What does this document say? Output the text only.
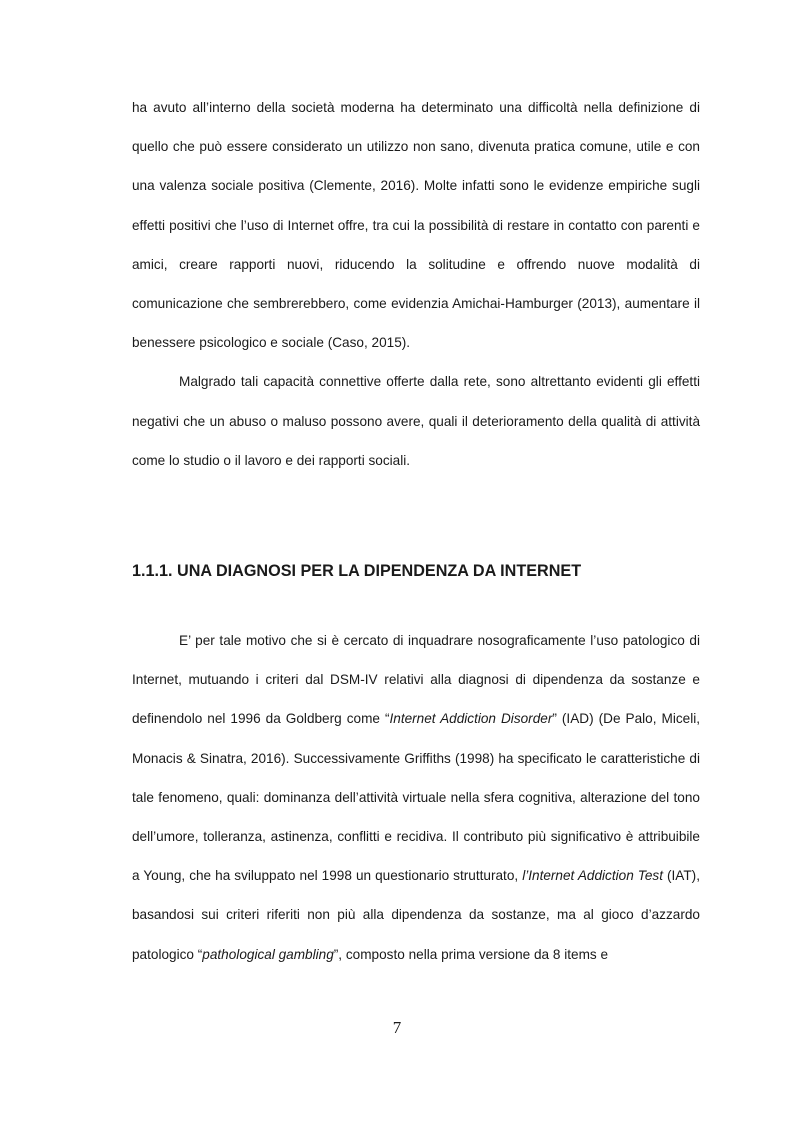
ha avuto all’interno della società moderna ha determinato una difficoltà nella definizione di quello che può essere considerato un utilizzo non sano, divenuta pratica comune, utile e con una valenza sociale positiva (Clemente, 2016). Molte infatti sono le evidenze empiriche sugli effetti positivi che l’uso di Internet offre, tra cui la possibilità di restare in contatto con parenti e amici, creare rapporti nuovi, riducendo la solitudine e offrendo nuove modalità di comunicazione che sembrerebbero, come evidenzia Amichai-Hamburger (2013), aumentare il benessere psicologico e sociale (Caso, 2015).

Malgrado tali capacità connettive offerte dalla rete, sono altrettanto evidenti gli effetti negativi che un abuso o maluso possono avere, quali il deterioramento della qualità di attività come lo studio o il lavoro e dei rapporti sociali.

1.1.1. UNA DIAGNOSI PER LA DIPENDENZA DA INTERNET

E’ per tale motivo che si è cercato di inquadrare nosograficamente l’uso patologico di Internet, mutuando i criteri dal DSM-IV relativi alla diagnosi di dipendenza da sostanze e definendolo nel 1996 da Goldberg come “Internet Addiction Disorder” (IAD) (De Palo, Miceli, Monacis & Sinatra, 2016). Successivamente Griffiths (1998) ha specificato le caratteristiche di tale fenomeno, quali: dominanza dell’attività virtuale nella sfera cognitiva, alterazione del tono dell’umore, tolleranza, astinenza, conflitti e recidiva. Il contributo più significativo è attribuibile a Young, che ha sviluppato nel 1998 un questionario strutturato, l’Internet Addiction Test (IAT), basandosi sui criteri riferiti non più alla dipendenza da sostanze, ma al gioco d’azzardo patologico “pathological gambling”, composto nella prima versione da 8 items e

7
